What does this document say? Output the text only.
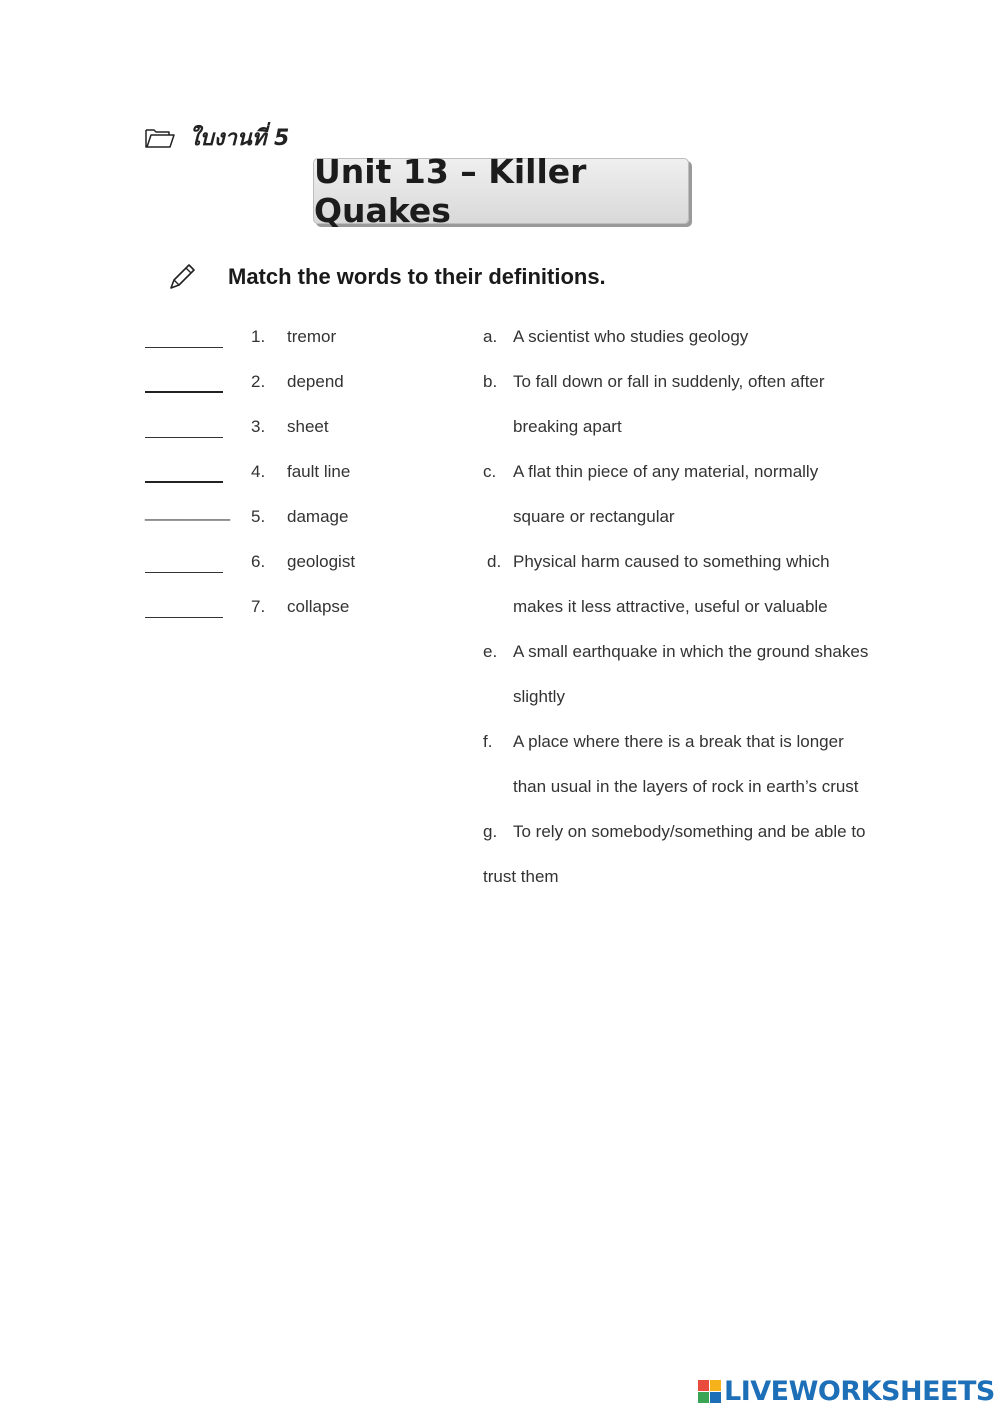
ใบงานที่ 5
Unit 13 – Killer Quakes
Match the words to their definitions.
1. tremor
2. depend
3. sheet
4. fault line
_________ 5. damage
6. geologist
7. collapse
a. A scientist who studies geology
b. To fall down or fall in suddenly, often after
breaking apart
c. A flat thin piece of any material, normally
square or rectangular
d. Physical harm caused to something which
makes it less attractive, useful or valuable
e. A small earthquake in which the ground shakes
slightly
f. A place where there is a break that is longer
than usual in the layers of rock in earth’s crust
g. To rely on somebody/something and be able to
trust them
LIVEWORKSHEETS
